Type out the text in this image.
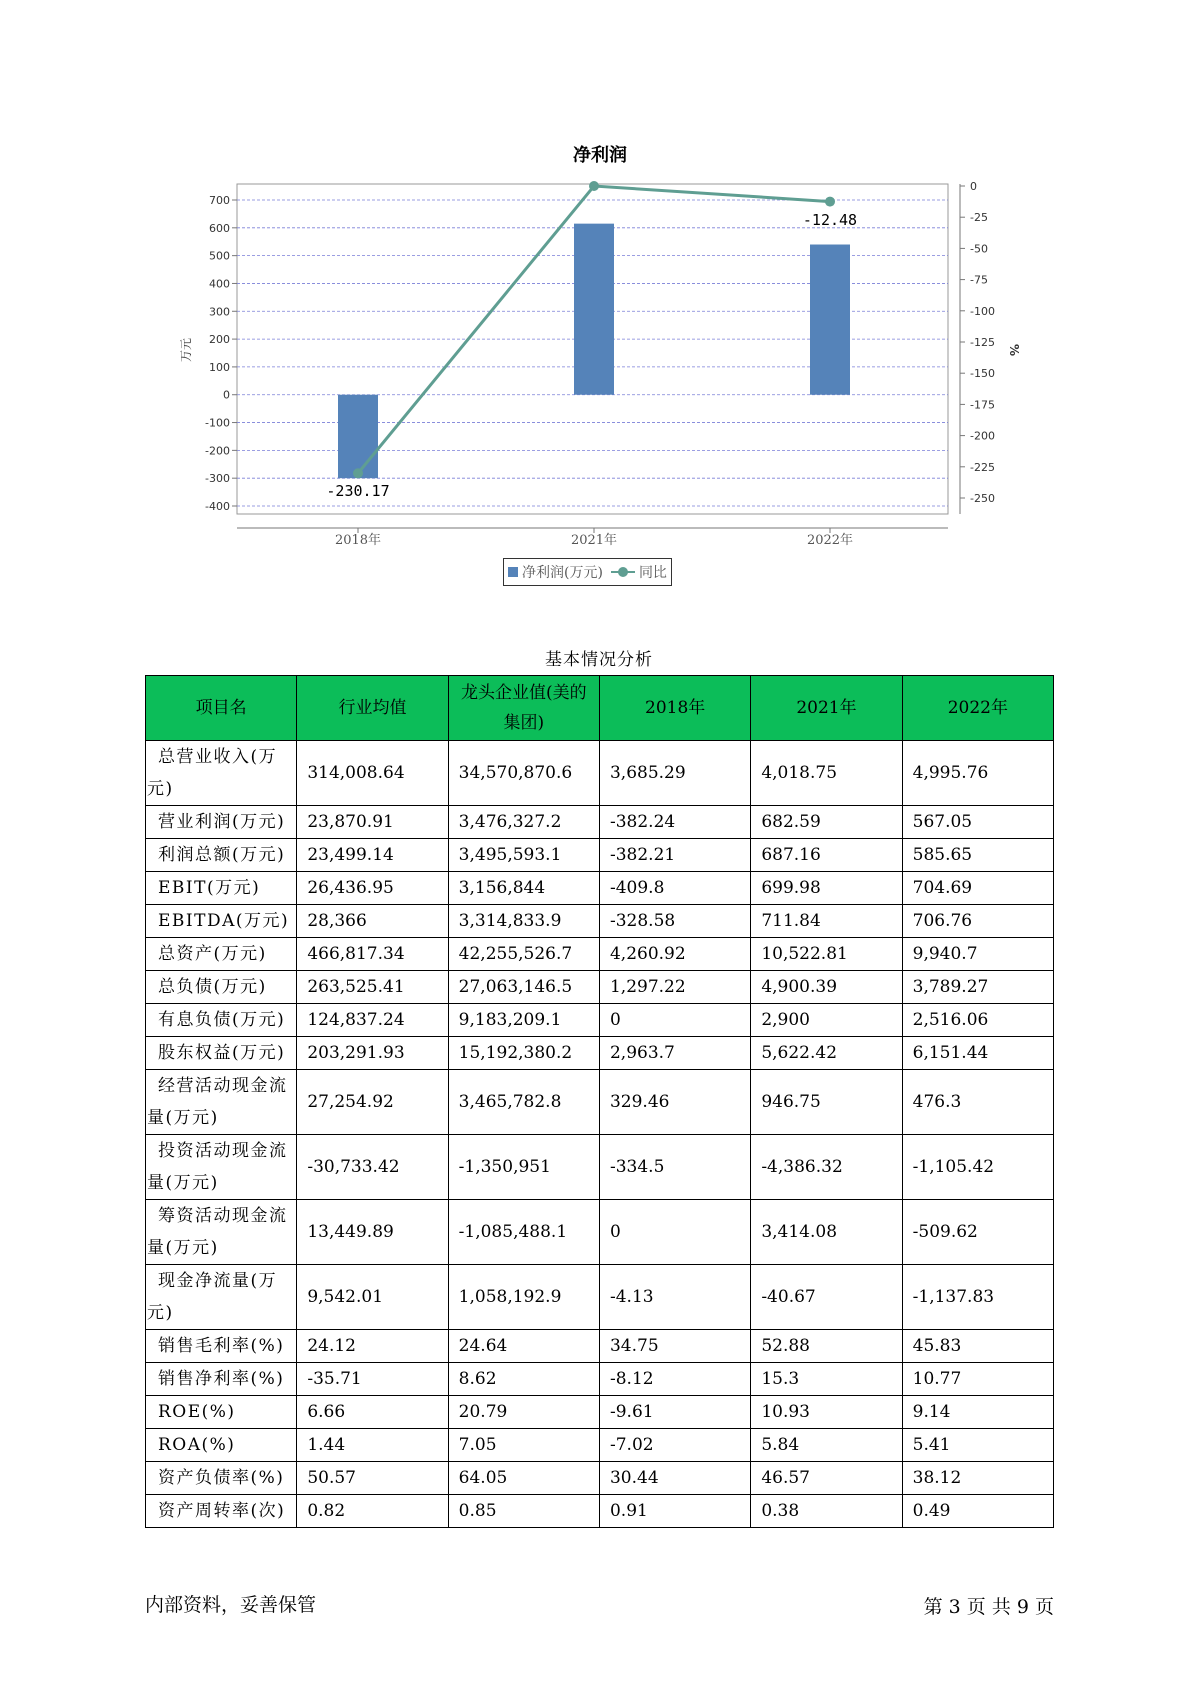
净利润
700
600
500
400
300
200
100
0
-100
-200
-300
-400
0
-25
-50
-75
-100
-125
-150
-175
-200
-225
-250
2018年	2021年	2022年
万元	%
-230.17
-12.48
净利润(万元)	同比
基本情况分析
项目名	行业均值	龙头企业值(美的集团)	2018年	2021年	2022年
总营业收入(万元)	314,008.64	34,570,870.6	3,685.29	4,018.75	4,995.76
营业利润(万元)	23,870.91	3,476,327.2	-382.24	682.59	567.05
利润总额(万元)	23,499.14	3,495,593.1	-382.21	687.16	585.65
EBIT(万元)	26,436.95	3,156,844	-409.8	699.98	704.69
EBITDA(万元)	28,366	3,314,833.9	-328.58	711.84	706.76
总资产(万元)	466,817.34	42,255,526.7	4,260.92	10,522.81	9,940.7
总负债(万元)	263,525.41	27,063,146.5	1,297.22	4,900.39	3,789.27
有息负债(万元)	124,837.24	9,183,209.1	0	2,900	2,516.06
股东权益(万元)	203,291.93	15,192,380.2	2,963.7	5,622.42	6,151.44
经营活动现金流量(万元)	27,254.92	3,465,782.8	329.46	946.75	476.3
投资活动现金流量(万元)	-30,733.42	-1,350,951	-334.5	-4,386.32	-1,105.42
筹资活动现金流量(万元)	13,449.89	-1,085,488.1	0	3,414.08	-509.62
现金净流量(万元)	9,542.01	1,058,192.9	-4.13	-40.67	-1,137.83
销售毛利率(%)	24.12	24.64	34.75	52.88	45.83
销售净利率(%)	-35.71	8.62	-8.12	15.3	10.77
ROE(%)	6.66	20.79	-9.61	10.93	9.14
ROA(%)	1.44	7.05	-7.02	5.84	5.41
资产负债率(%)	50.57	64.05	30.44	46.57	38.12
资产周转率(次)	0.82	0.85	0.91	0.38	0.49
内部资料，妥善保管	第 3 页 共 9 页
